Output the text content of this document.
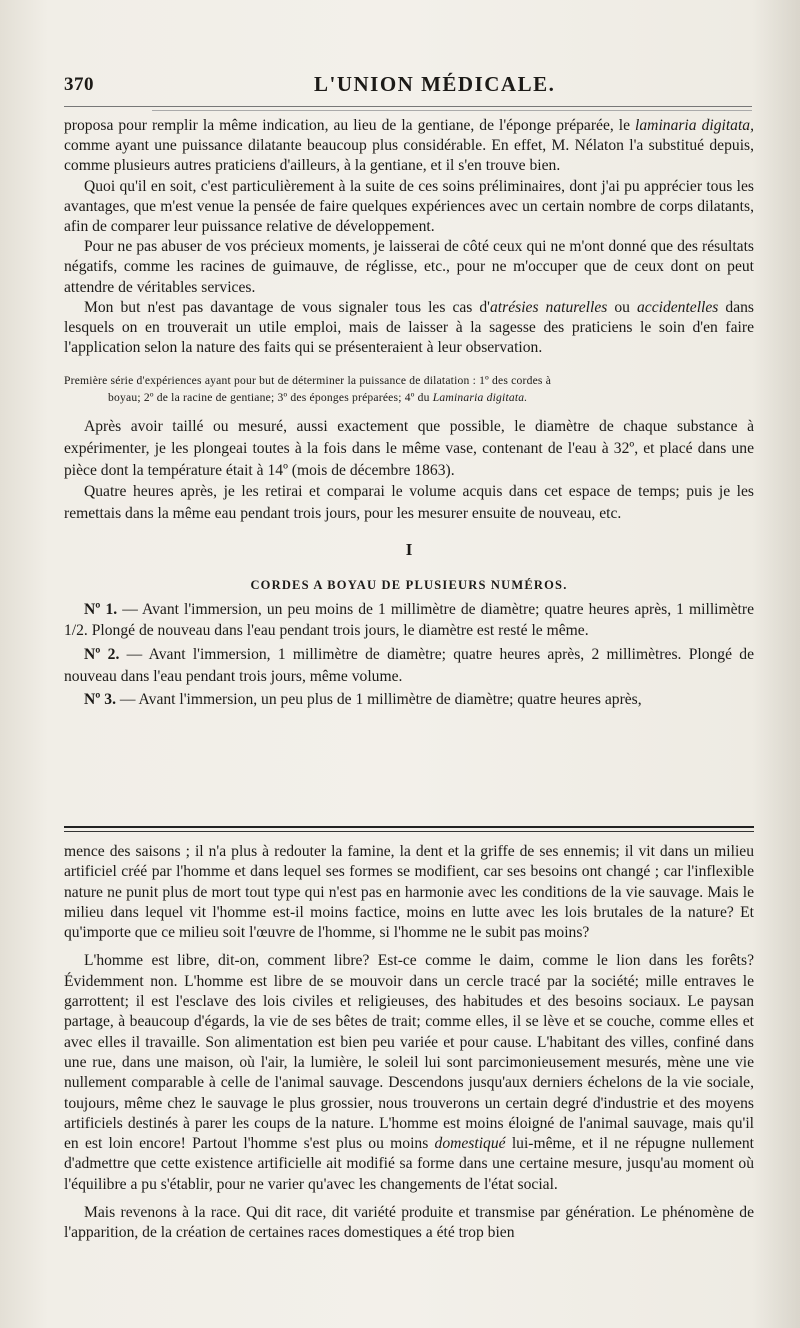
370	L'UNION MÉDICALE.

proposa pour remplir la même indication, au lieu de la gentiane, de l'éponge préparée, le laminaria digitata, comme ayant une puissance dilatante beaucoup plus considérable. En effet, M. Nélaton l'a substitué depuis, comme plusieurs autres praticiens d'ailleurs, à la gentiane, et il s'en trouve bien.

Quoi qu'il en soit, c'est particulièrement à la suite de ces soins préliminaires, dont j'ai pu apprécier tous les avantages, que m'est venue la pensée de faire quelques expériences avec un certain nombre de corps dilatants, afin de comparer leur puissance relative de développement.

Pour ne pas abuser de vos précieux moments, je laisserai de côté ceux qui ne m'ont donné que des résultats négatifs, comme les racines de guimauve, de réglisse, etc., pour ne m'occuper que de ceux dont on peut attendre de véritables services.

Mon but n'est pas davantage de vous signaler tous les cas d'atrésies naturelles ou accidentelles dans lesquels on en trouverait un utile emploi, mais de laisser à la sagesse des praticiens le soin d'en faire l'application selon la nature des faits qui se présenteraient à leur observation.

Première série d'expériences ayant pour but de déterminer la puissance de dilatation : 1º des cordes à
boyau; 2º de la racine de gentiane; 3º des éponges préparées; 4º du Laminaria digitata.

Après avoir taillé ou mesuré, aussi exactement que possible, le diamètre de chaque substance à expérimenter, je les plongeai toutes à la fois dans le même vase, contenant de l'eau à 32º, et placé dans une pièce dont la température était à 14º (mois de décembre 1863).

Quatre heures après, je les retirai et comparai le volume acquis dans cet espace de temps; puis je les remettais dans la même eau pendant trois jours, pour les mesurer ensuite de nouveau, etc.

I
CORDES A BOYAU DE PLUSIEURS NUMÉROS.

Nº 1. — Avant l'immersion, un peu moins de 1 millimètre de diamètre; quatre heures après, 1 millimètre 1/2. Plongé de nouveau dans l'eau pendant trois jours, le diamètre est resté le même.

Nº 2. — Avant l'immersion, 1 millimètre de diamètre; quatre heures après, 2 millimètres. Plongé de nouveau dans l'eau pendant trois jours, même volume.

Nº 3. — Avant l'immersion, un peu plus de 1 millimètre de diamètre; quatre heures après,

mence des saisons ; il n'a plus à redouter la famine, la dent et la griffe de ses ennemis; il vit dans un milieu artificiel créé par l'homme et dans lequel ses formes se modifient, car ses besoins ont changé ; car l'inflexible nature ne punit plus de mort tout type qui n'est pas en harmonie avec les conditions de la vie sauvage. Mais le milieu dans lequel vit l'homme est-il moins factice, moins en lutte avec les lois brutales de la nature? Et qu'importe que ce milieu soit l'œuvre de l'homme, si l'homme ne le subit pas moins?

L'homme est libre, dit-on, comment libre? Est-ce comme le daim, comme le lion dans les forêts? Évidemment non. L'homme est libre de se mouvoir dans un cercle tracé par la société; mille entraves le garrottent; il est l'esclave des lois civiles et religieuses, des habitudes et des besoins sociaux. Le paysan partage, à beaucoup d'égards, la vie de ses bêtes de trait; comme elles, il se lève et se couche, comme elles et avec elles il travaille. Son alimentation est bien peu variée et pour cause. L'habitant des villes, confiné dans une rue, dans une maison, où l'air, la lumière, le soleil lui sont parcimonieusement mesurés, mène une vie nullement comparable à celle de l'animal sauvage. Descendons jusqu'aux derniers échelons de la vie sociale, toujours, même chez le sauvage le plus grossier, nous trouverons un certain degré d'industrie et des moyens artificiels destinés à parer les coups de la nature. L'homme est moins éloigné de l'animal sauvage, mais qu'il en est loin encore! Partout l'homme s'est plus ou moins domestiqué lui-même, et il ne répugne nullement d'admettre que cette existence artificielle ait modifié sa forme dans une certaine mesure, jusqu'au moment où l'équilibre a pu s'établir, pour ne varier qu'avec les changements de l'état social.

Mais revenons à la race. Qui dit race, dit variété produite et transmise par génération. Le phénomène de l'apparition, de la création de certaines races domestiques a été trop bien
